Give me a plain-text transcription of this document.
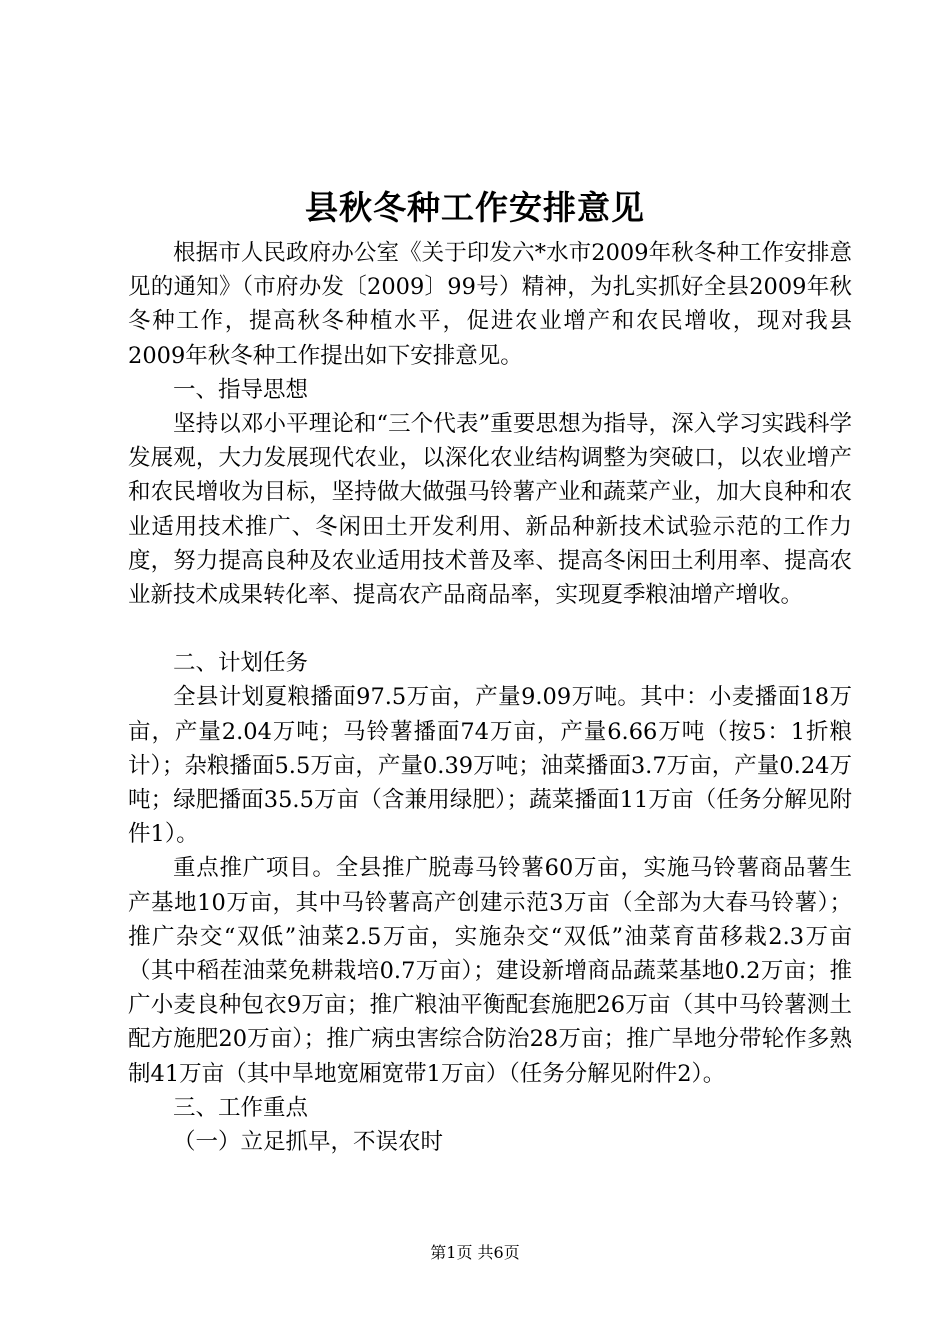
县秋冬种工作安排意见

根据市人民政府办公室《关于印发六*水市2009年秋冬种工作安排意见的通知》（市府办发〔2009〕99号）精神，为扎实抓好全县2009年秋冬种工作，提高秋冬种植水平，促进农业增产和农民增收，现对我县2009年秋冬种工作提出如下安排意见。

一、指导思想

坚持以邓小平理论和“三个代表”重要思想为指导，深入学习实践科学发展观，大力发展现代农业，以深化农业结构调整为突破口，以农业增产和农民增收为目标，坚持做大做强马铃薯产业和蔬菜产业，加大良种和农业适用技术推广、冬闲田土开发利用、新品种新技术试验示范的工作力度，努力提高良种及农业适用技术普及率、提高冬闲田土利用率、提高农业新技术成果转化率、提高农产品商品率，实现夏季粮油增产增收。

二、计划任务

全县计划夏粮播面97.5万亩，产量9.09万吨。其中：小麦播面18万亩，产量2.04万吨；马铃薯播面74万亩，产量6.66万吨（按5：1折粮计）；杂粮播面5.5万亩，产量0.39万吨；油菜播面3.7万亩，产量0.24万吨；绿肥播面35.5万亩（含兼用绿肥）；蔬菜播面11万亩（任务分解见附件1）。

重点推广项目。全县推广脱毒马铃薯60万亩，实施马铃薯商品薯生产基地10万亩，其中马铃薯高产创建示范3万亩（全部为大春马铃薯）；推广杂交“双低”油菜2.5万亩，实施杂交“双低”油菜育苗移栽2.3万亩（其中稻茬油菜免耕栽培0.7万亩）；建设新增商品蔬菜基地0.2万亩；推广小麦良种包衣9万亩；推广粮油平衡配套施肥26万亩（其中马铃薯测土配方施肥20万亩）；推广病虫害综合防治28万亩；推广旱地分带轮作多熟制41万亩（其中旱地宽厢宽带1万亩）（任务分解见附件2）。

三、工作重点

（一）立足抓早，不误农时

第1页 共6页
